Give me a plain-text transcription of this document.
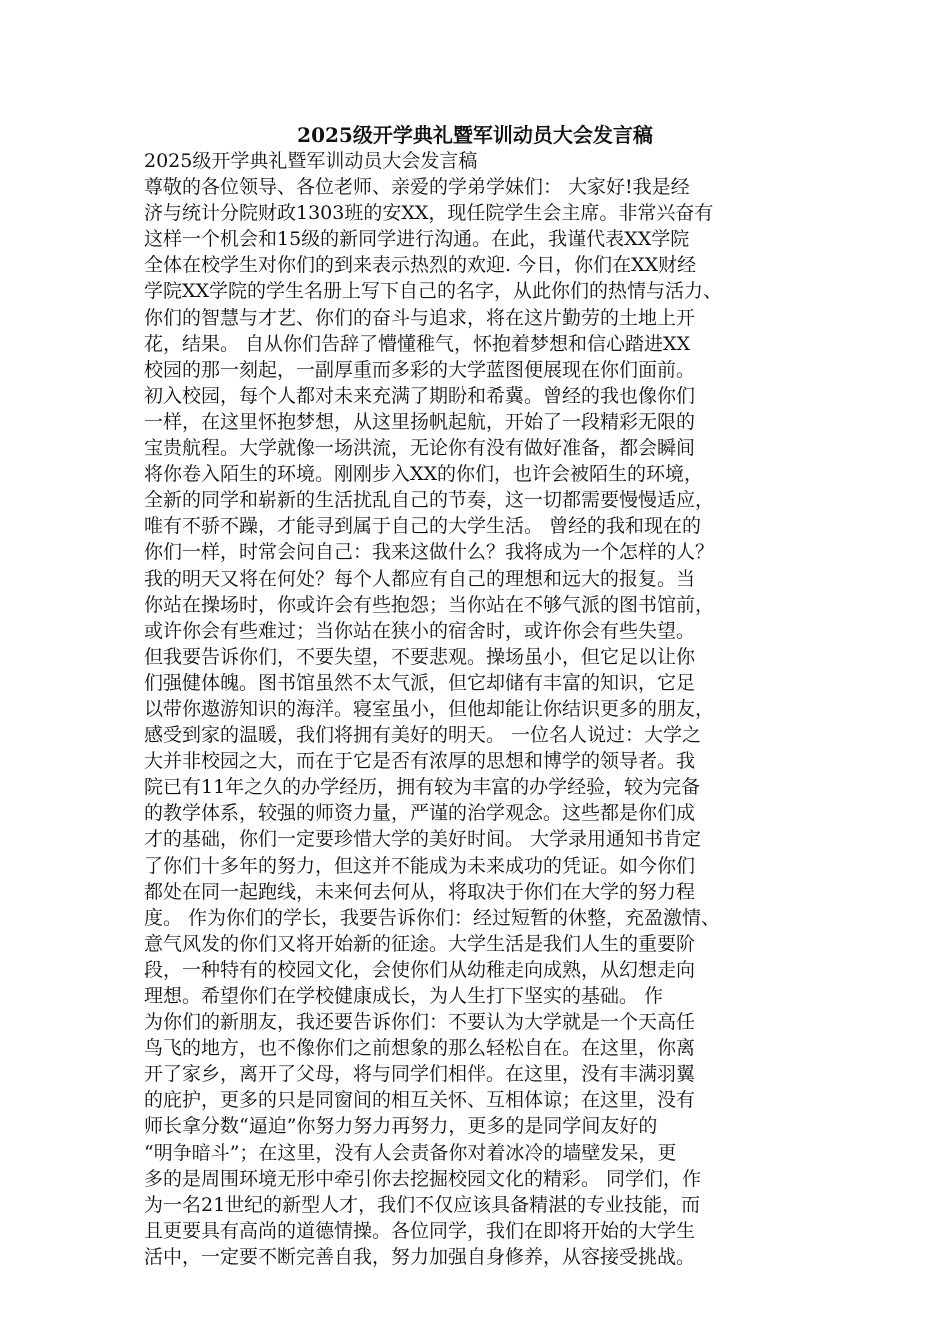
2025级开学典礼暨军训动员大会发言稿
2025级开学典礼暨军训动员大会发言稿
尊敬的各位领导、各位老师、亲爱的学弟学妹们： 大家好!我是经
济与统计分院财政1303班的安XX，现任院学生会主席。非常兴奋有
这样一个机会和15级的新同学进行沟通。在此，我谨代表XX学院
全体在校学生对你们的到来表示热烈的欢迎. 今日，你们在XX财经
学院XX学院的学生名册上写下自己的名字，从此你们的热情与活力、
你们的智慧与才艺、你们的奋斗与追求，将在这片勤劳的土地上开
花，结果。 自从你们告辞了懵懂稚气，怀抱着梦想和信心踏进XX
校园的那一刻起，一副厚重而多彩的大学蓝图便展现在你们面前。
初入校园，每个人都对未来充满了期盼和希冀。曾经的我也像你们
一样，在这里怀抱梦想，从这里扬帆起航，开始了一段精彩无限的
宝贵航程。大学就像一场洪流，无论你有没有做好准备，都会瞬间
将你卷入陌生的环境。刚刚步入XX的你们，也许会被陌生的环境，
全新的同学和崭新的生活扰乱自己的节奏，这一切都需要慢慢适应，
唯有不骄不躁，才能寻到属于自己的大学生活。 曾经的我和现在的
你们一样，时常会问自己：我来这做什么？我将成为一个怎样的人？
我的明天又将在何处？每个人都应有自己的理想和远大的报复。当
你站在操场时，你或许会有些抱怨；当你站在不够气派的图书馆前，
或许你会有些难过；当你站在狭小的宿舍时，或许你会有些失望。
但我要告诉你们，不要失望，不要悲观。操场虽小，但它足以让你
们强健体魄。图书馆虽然不太气派，但它却储有丰富的知识，它足
以带你遨游知识的海洋。寝室虽小，但他却能让你结识更多的朋友，
感受到家的温暖，我们将拥有美好的明天。 一位名人说过：大学之
大并非校园之大，而在于它是否有浓厚的思想和博学的领导者。我
院已有11年之久的办学经历，拥有较为丰富的办学经验，较为完备
的教学体系，较强的师资力量，严谨的治学观念。这些都是你们成
才的基础，你们一定要珍惜大学的美好时间。 大学录用通知书肯定
了你们十多年的努力，但这并不能成为未来成功的凭证。如今你们
都处在同一起跑线，未来何去何从，将取决于你们在大学的努力程
度。 作为你们的学长，我要告诉你们：经过短暂的休整，充盈激情、
意气风发的你们又将开始新的征途。大学生活是我们人生的重要阶
段，一种特有的校园文化，会使你们从幼稚走向成熟，从幻想走向
理想。希望你们在学校健康成长，为人生打下坚实的基础。 作
为你们的新朋友，我还要告诉你们：不要认为大学就是一个天高任
鸟飞的地方，也不像你们之前想象的那么轻松自在。在这里，你离
开了家乡，离开了父母，将与同学们相伴。在这里，没有丰满羽翼
的庇护，更多的只是同窗间的相互关怀、互相体谅；在这里，没有
师长拿分数“逼迫”你努力努力再努力，更多的是同学间友好的
“明争暗斗”；在这里，没有人会责备你对着冰冷的墙壁发呆，更
多的是周围环境无形中牵引你去挖掘校园文化的精彩。 同学们，作
为一名21世纪的新型人才，我们不仅应该具备精湛的专业技能，而
且更要具有高尚的道德情操。各位同学，我们在即将开始的大学生
活中，一定要不断完善自我，努力加强自身修养，从容接受挑战。
